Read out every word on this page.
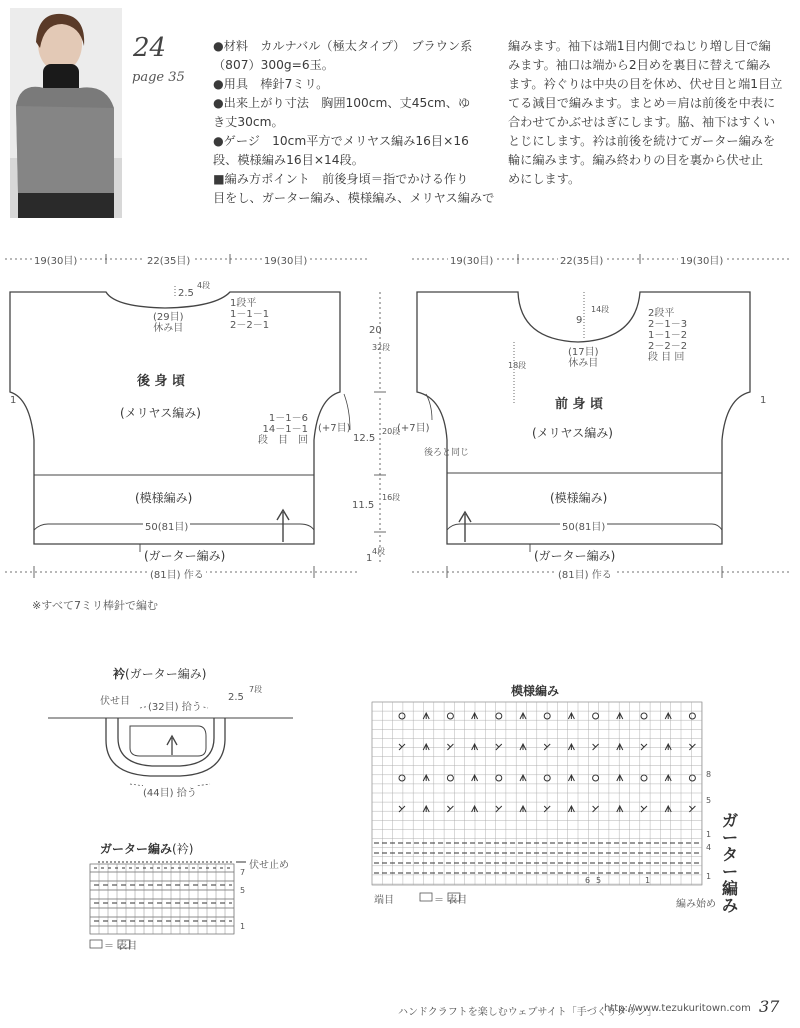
24
page 35
●材料　カルナバル（極太タイプ）　ブラウン系
（807）300g=6玉。
●用具　棒針7ミリ。
●出来上がり寸法　胸囲100cm、丈45cm、ゆ
き丈30cm。
●ゲージ　10cm平方でメリヤス編み16目×16
段、模様編み16目×14段。
■編み方ポイント　前後身頃＝指でかける作り
目をし、ガーター編み、模様編み、メリヤス編みで
編みます。袖下は端1目内側でねじり増し目で編
みます。袖口は端から2目めを裏目に替えて編み
ます。衿ぐりは中央の目を休め、伏せ目と端1目立
てる減目で編みます。まとめ＝肩は前後を中表に
合わせてかぶせはぎにします。脇、袖下はすくい
とじにします。衿は前後を続けてガーター編みを
輪に編みます。編み終わりの目を裏から伏せ止
めにします。
19(30目)	22(35目)	19(30目)
2.5
4段
(29目)
休み目
1段平
1－1－1
2－2－1
後 身 頃
(メリヤス編み)
1
1－1－6
14－1－1
段　目　回
(+7目)
(模様編み)
50(81目)
(ガーター編み)
(81目) 作る
20
32段
12.5
20段
11.5
16段
1
4段
19(30目)	22(35目)	19(30目)
9
14段
(17目)
休み目
2段平
2－1－3
1－1－2
2－2－2
段 目 回
18段
前 身 頃
(メリヤス編み)
1
(+7目)
後ろと同じ
(模様編み)
50(81目)
(ガーター編み)
(81目) 作る
※すべて7ミリ棒針で編む
衿(ガーター編み)
伏せ目
(32目) 拾う
2.5
7段
(44目) 拾う
ガーター編み(衿)
伏せ止め
7
5
1
＝ 表目
模様編み
8
5
1
4
1
6 5	1
端目	＝ 表目	編み始め
ガーター編み
ハンドクラフトを楽しむウェブサイト「手づくりタウン」
http://www.tezukuritown.com 37
